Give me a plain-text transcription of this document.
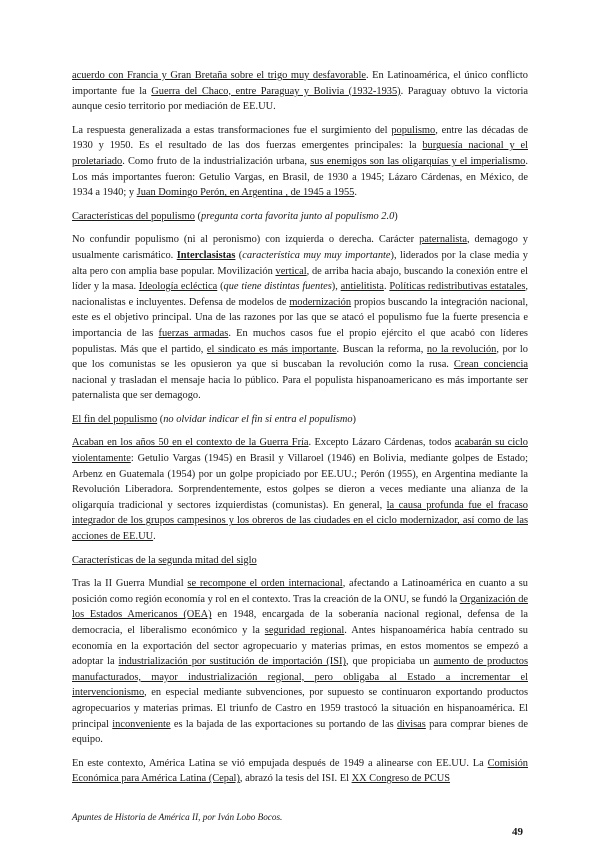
acuerdo con Francia y Gran Bretaña sobre el trigo muy desfavorable. En Latinoamérica, el único conflicto importante fue la Guerra del Chaco, entre Paraguay y Bolivia (1932-1935). Paraguay obtuvo la victoria aunque cesio territorio por mediación de EE.UU.

La respuesta generalizada a estas transformaciones fue el surgimiento del populismo, entre las décadas de 1930 y 1950. Es el resultado de las dos fuerzas emergentes principales: la burguesía nacional y el proletariado. Como fruto de la industrialización urbana, sus enemigos son las oligarquías y el imperialismo. Los más importantes fueron: Getulio Vargas, en Brasil, de 1930 a 1945; Lázaro Cárdenas, en México, de 1934 a 1940; y Juan Domingo Perón, en Argentina , de 1945 a 1955.

Características del populismo (pregunta corta favorita junto al populismo 2.0)

No confundir populismo (ni al peronismo) con izquierda o derecha. Carácter paternalista, demagogo y usualmente carismático. Interclasistas (característica muy muy importante), liderados por la clase media y alta pero con amplia base popular. Movilización vertical, de arriba hacia abajo, buscando la conexión entre el líder y la masa. Ideología ecléctica (que tiene distintas fuentes), antielitista. Políticas redistributivas estatales, nacionalistas e incluyentes. Defensa de modelos de modernización propios buscando la integración nacional, este es el objetivo principal. Una de las razones por las que se atacó el populismo fue la fuerte presencia e importancia de las fuerzas armadas. En muchos casos fue el propio ejército el que acabó con líderes populistas. Más que el partido, el sindicato es más importante. Buscan la reforma, no la revolución, por lo que los comunistas se les opusieron ya que si buscaban la revolución como la rusa. Crean conciencia nacional y trasladan el mensaje hacia lo público. Para el populista hispanoamericano es más importante ser paternalista que ser demagogo.

El fin del populismo (no olvidar indicar el fin si entra el populismo)

Acaban en los años 50 en el contexto de la Guerra Fría. Excepto Lázaro Cárdenas, todos acabarán su ciclo violentamente: Getulio Vargas (1945) en Brasil y Villaroel (1946) en Bolivia, mediante golpes de Estado; Arbenz en Guatemala (1954) por un golpe propiciado por EE.UU.; Perón (1955), en Argentina mediante la Revolución Liberadora. Sorprendentemente, estos golpes se dieron a veces mediante una alianza de la oligarquía tradicional y sectores izquierdistas (comunistas). En general, la causa profunda fue el fracaso integrador de los grupos campesinos y los obreros de las ciudades en el ciclo modernizador, así como de las acciones de EE.UU.

Características de la segunda mitad del siglo

Tras la II Guerra Mundial se recompone el orden internacional, afectando a Latinoamérica en cuanto a su posición como región economía y rol en el contexto. Tras la creación de la ONU, se fundó la Organización de los Estados Americanos (OEA) en 1948, encargada de la soberanía nacional regional, defensa de la democracia, el liberalismo económico y la seguridad regional. Antes hispanoamérica había centrado su economía en la exportación del sector agropecuario y materias primas, en estos momentos se empezó a adoptar la industrialización por sustitución de importación (ISI), que propiciaba un aumento de productos manufacturados, mayor industrialización regional, pero obligaba al Estado a incrementar el intervencionismo, en especial mediante subvenciones, por supuesto se continuaron exportando productos agropecuarios y materias primas. El triunfo de Castro en 1959 trastocó la situación en hispanoamérica. El principal inconveniente es la bajada de las exportaciones su portando de las divisas para comprar bienes de equipo.

En este contexto, América Latina se vió empujada después de 1949 a alinearse con EE.UU. La Comisión Económica para América Latina (Cepal), abrazó la tesis del ISI. El XX Congreso de PCUS

Apuntes de Historia de América II, por Iván Lobo Bocos.
49
